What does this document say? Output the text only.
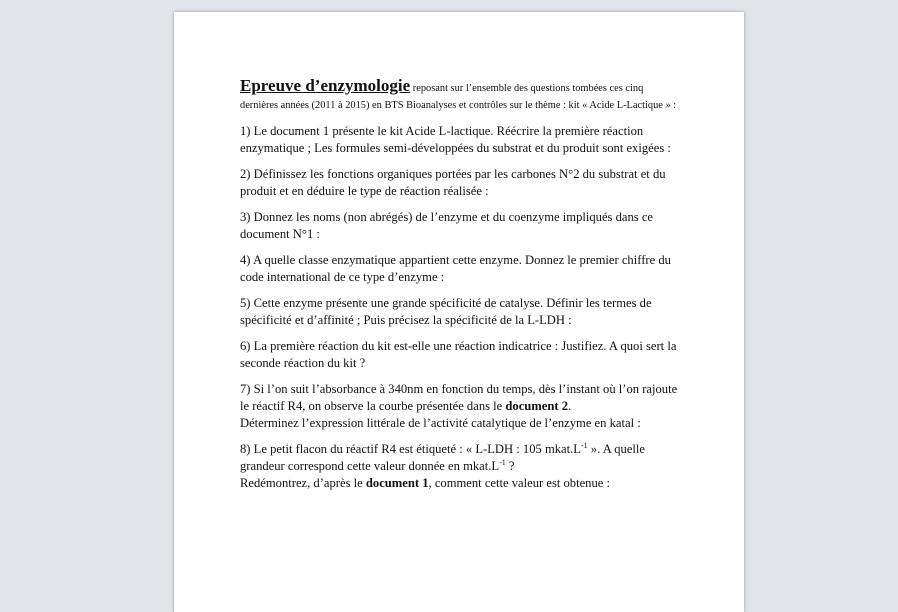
Epreuve d’enzymologie reposant sur l’ensemble des questions tombées ces cinq dernières années (2011 à 2015) en BTS Bioanalyses et contrôles sur le thème : kit « Acide L-Lactique » :

1) Le document 1 présente le kit Acide L-lactique. Réécrire la première réaction enzymatique ; Les formules semi-développées du substrat et du produit sont exigées :

2) Définissez les fonctions organiques portées par les carbones N°2 du substrat et du produit et en déduire le type de réaction réalisée :

3) Donnez les noms (non abrégés) de l’enzyme et du coenzyme impliqués dans ce document N°1 :

4) A quelle classe enzymatique appartient cette enzyme. Donnez le premier chiffre du code international de ce type d’enzyme :

5) Cette enzyme présente une grande spécificité de catalyse. Définir les termes de spécificité et d’affinité ; Puis précisez la spécificité de la L-LDH :

6) La première réaction du kit est-elle une réaction indicatrice : Justifiez. A quoi sert la seconde réaction du kit ?

7) Si l’on suit l’absorbance à 340nm en fonction du temps, dès l’instant où l’on rajoute le réactif R4, on observe la courbe présentée dans le document 2.
Déterminez l’expression littérale de l’activité catalytique de l’enzyme en katal :

8) Le petit flacon du réactif R4 est étiqueté : « L-LDH : 105 $mkat.L^{-1}$ ». A quelle grandeur correspond cette valeur donnée en $mkat.L^{-1}$ ?
Redémontrez, d’après le document 1, comment cette valeur est obtenue :
